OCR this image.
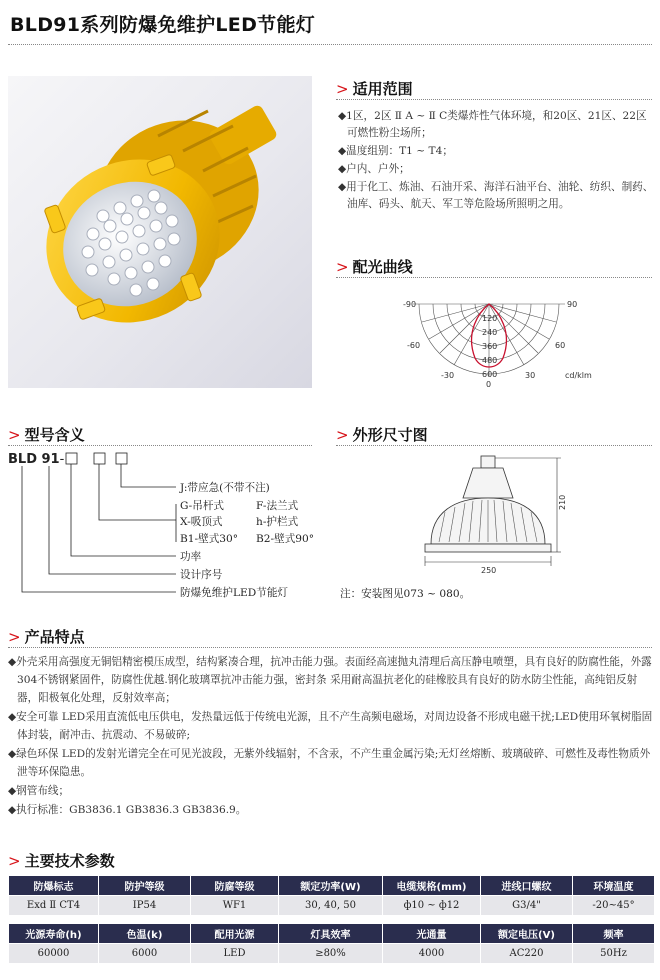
BLD91系列防爆免维护LED节能灯
> 适用范围

◆1区，2区 Ⅱ A ~ Ⅱ C类爆炸性气体环境，和20区、21区、22区可燃性粉尘场所；

◆温度组别：T1 ~ T4；

◆户内、户外；

◆用于化工、炼油、石油开采、海洋石油平台、油轮、纺织、制药、油库、码头、航天、军工等危险场所照明之用。

> 配光曲线
-90	90
-60	60
-30	30
0
120
240
360
480
600	cd/klm
> 型号含义
BLD 91-
J:带应急(不带不注)
G-吊杆式	F-法兰式
X-吸顶式	h-护栏式
B1-壁式30° B2-壁式90°
功率
设计序号
防爆免维护LED节能灯
> 外形尺寸图
210
250
注：安装图见073 ~ 080。
> 产品特点

◆外壳采用高强度无铜铝精密模压成型，结构紧凑合理，抗冲击能力强。表面经高速抛丸清理后高压静电喷塑，具有良好的防腐性能，外露304不锈钢紧固件，防腐性优越.钢化玻璃罩抗冲击能力强，密封条 采用耐高温抗老化的硅橡胶具有良好的防水防尘性能，高纯铝反射器，阳极氧化处理，反射效率高；

◆安全可靠 LED采用直流低电压供电，发热量远低于传统电光源，且不产生高频电磁场，对周边设备不形成电磁干扰;LED使用环氧树脂固体封装，耐冲击、抗震动、不易破碎;

◆绿色环保 LED的发射光谱完全在可见光波段，无紫外线辐射，不含汞，不产生重金属污染;无灯丝熔断、玻璃破碎、可燃性及毒性物质外泄等环保隐患。

◆钢管布线；

◆执行标准：GB3836.1 GB3836.3 GB3836.9。

> 主要技术参数
防爆标志	防护等级	防腐等级	额定功率(W)	电缆规格(mm)	进线口螺纹	环境温度
Exd Ⅱ CT4	IP54	WF1	30, 40, 50	ф10 ~ ф12	G3/4"	-20~45°

光源寿命(h)	色温(k)	配用光源	灯具效率	光通量	额定电压(V)	频率
60000	6000	LED	≥80%	4000	AC220	50Hz
